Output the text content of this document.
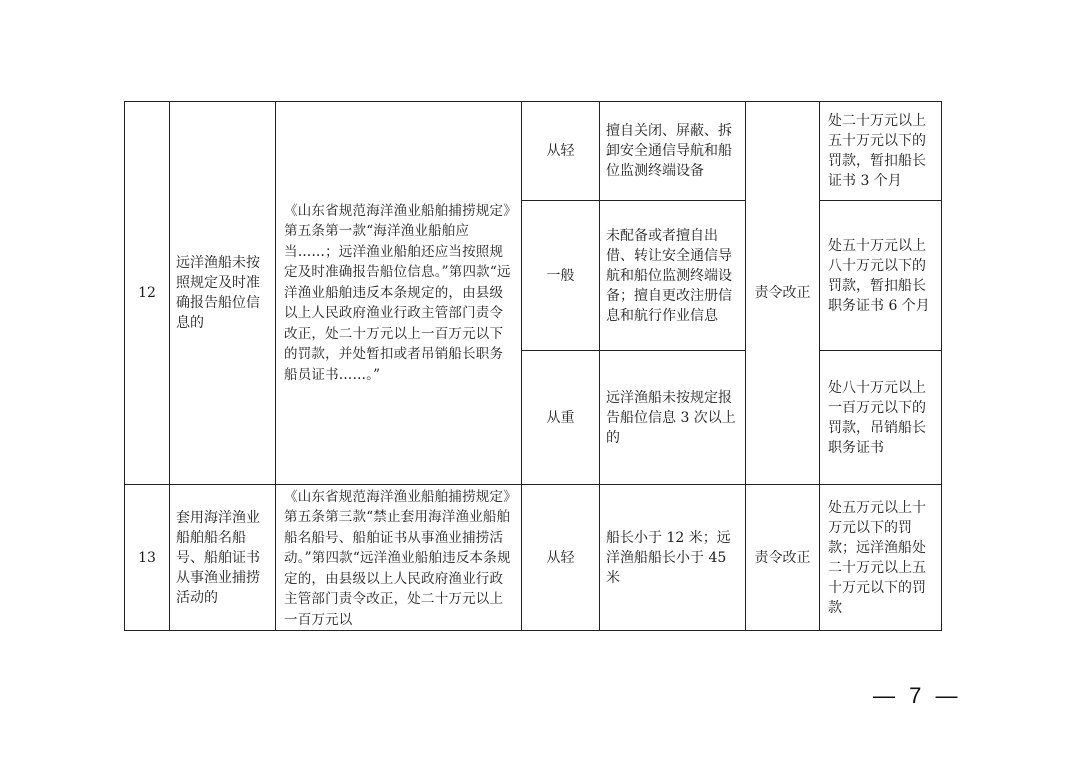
12	远洋渔船未按照规定及时准确报告船位信息的	《山东省规范海洋渔业船舶捕捞规定》第五条第一款“海洋渔业船舶应当……；远洋渔业船舶还应当按照规定及时准确报告船位信息。”第四款“远洋渔业船舶违反本条规定的，由县级以上人民政府渔业行政主管部门责令改正，处二十万元以上一百万元以下的罚款，并处暂扣或者吊销船长职务船员证书……。”	从轻	擅自关闭、屏蔽、拆卸安全通信导航和船位监测终端设备	责令改正	处二十万元以上五十万元以下的罚款，暂扣船长证书 3 个月
			一般	未配备或者擅自出借、转让安全通信导航和船位监测终端设备；擅自更改注册信息和航行作业信息		处五十万元以上八十万元以下的罚款，暂扣船长职务证书 6 个月
			从重	远洋渔船未按规定报告船位信息 3 次以上的		处八十万元以上一百万元以下的罚款，吊销船长职务证书
13	套用海洋渔业船舶船名船号、船舶证书从事渔业捕捞活动的	《山东省规范海洋渔业船舶捕捞规定》第五条第三款“禁止套用海洋渔业船舶船名船号、船舶证书从事渔业捕捞活动。”第四款“远洋渔业船舶违反本条规定的，由县级以上人民政府渔业行政主管部门责令改正，处二十万元以上一百万元以	从轻	船长小于 12 米；远洋渔船船长小于 45 米	责令改正	处五万元以上十万元以下的罚款；远洋渔船处二十万元以上五十万元以下的罚款
— 7 —
